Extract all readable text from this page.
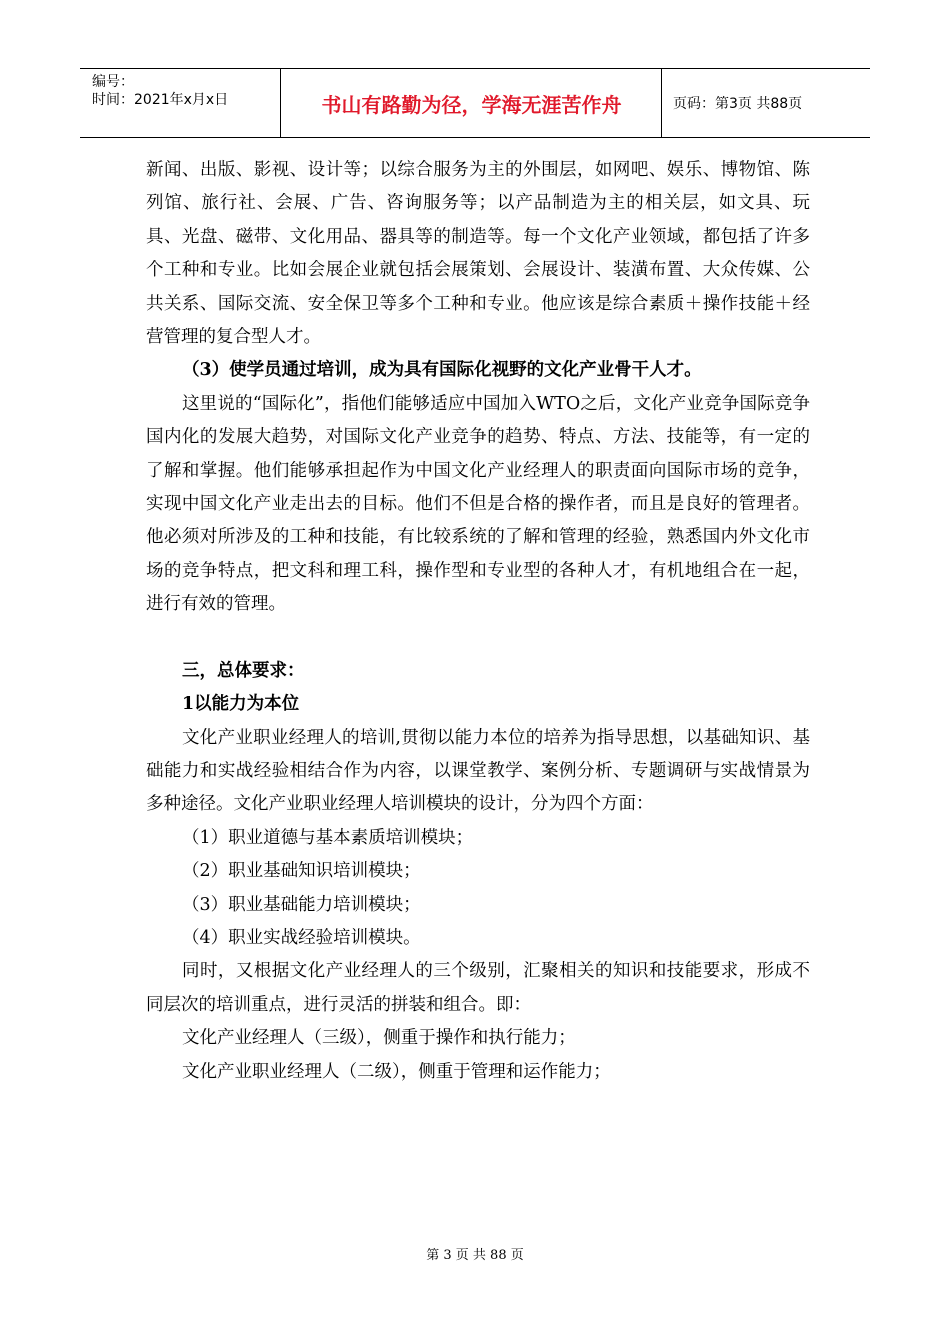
编号：
时间：2021年x月x日	书山有路勤为径，学海无涯苦作舟	页码：第3页 共88页

新闻、出版、影视、设计等；以综合服务为主的外围层，如网吧、娱乐、博物馆、陈列馆、旅行社、会展、广告、咨询服务等；以产品制造为主的相关层，如文具、玩具、光盘、磁带、文化用品、器具等的制造等。每一个文化产业领域，都包括了许多个工种和专业。比如会展企业就包括会展策划、会展设计、装潢布置、大众传媒、公共关系、国际交流、安全保卫等多个工种和专业。他应该是综合素质＋操作技能＋经营管理的复合型人才。

（3）使学员通过培训，成为具有国际化视野的文化产业骨干人才。

这里说的“国际化”，指他们能够适应中国加入WTO之后，文化产业竞争国际竞争国内化的发展大趋势，对国际文化产业竞争的趋势、特点、方法、技能等，有一定的了解和掌握。他们能够承担起作为中国文化产业经理人的职责面向国际市场的竞争，实现中国文化产业走出去的目标。他们不但是合格的操作者，而且是良好的管理者。他必须对所涉及的工种和技能，有比较系统的了解和管理的经验，熟悉国内外文化市场的竞争特点，把文科和理工科，操作型和专业型的各种人才，有机地组合在一起，进行有效的管理。

三，总体要求：

1以能力为本位

文化产业职业经理人的培训,贯彻以能力本位的培养为指导思想，以基础知识、基础能力和实战经验相结合作为内容，以课堂教学、案例分析、专题调研与实战情景为多种途径。文化产业职业经理人培训模块的设计，分为四个方面：

（1）职业道德与基本素质培训模块；

（2）职业基础知识培训模块；

（3）职业基础能力培训模块；

（4）职业实战经验培训模块。

同时，又根据文化产业经理人的三个级别，汇聚相关的知识和技能要求，形成不同层次的培训重点，进行灵活的拼装和组合。即：

文化产业经理人（三级），侧重于操作和执行能力；

文化产业职业经理人（二级），侧重于管理和运作能力；

第 3 页 共 88 页
